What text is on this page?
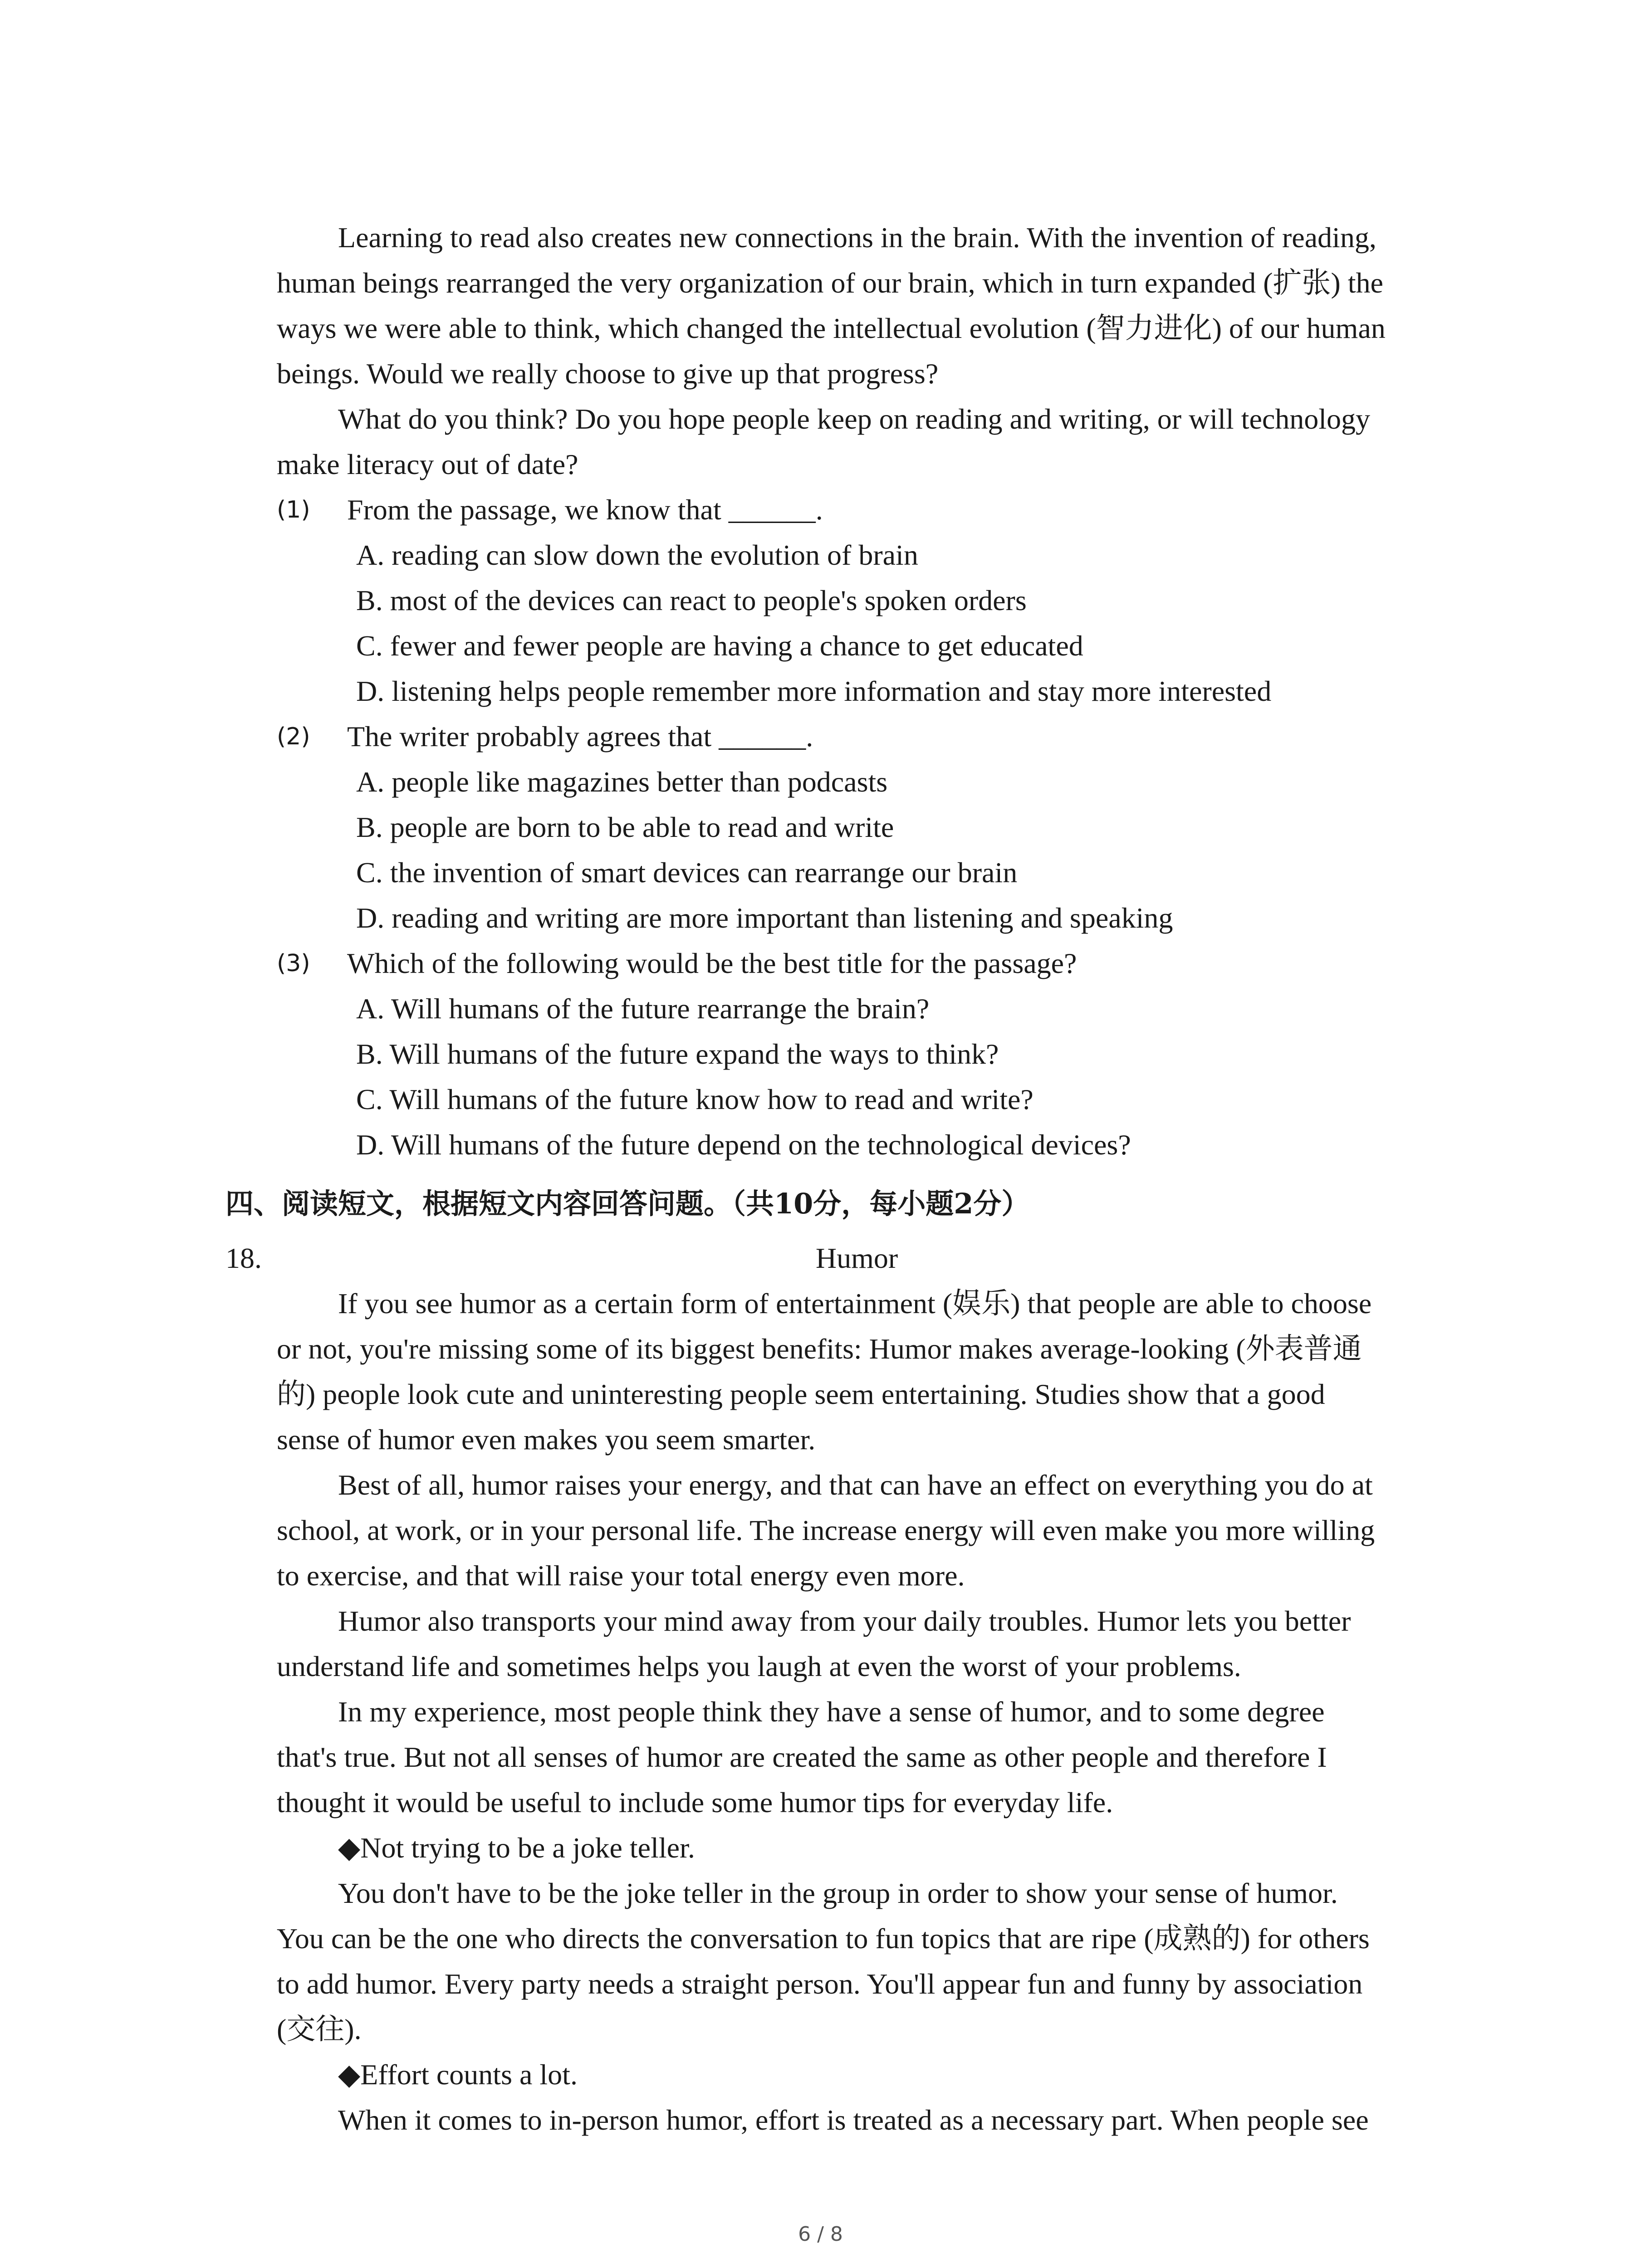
Learning to read also creates new connections in the brain. With the invention of reading,
human beings rearranged the very organization of our brain, which in turn expanded (扩张) the
ways we were able to think, which changed the intellectual evolution (智力进化) of our human
beings. Would we really choose to give up that progress?
What do you think? Do you hope people keep on reading and writing, or will technology
make literacy out of date?
(1) From the passage, we know that ______.
A. reading can slow down the evolution of brain
B. most of the devices can react to people's spoken orders
C. fewer and fewer people are having a chance to get educated
D. listening helps people remember more information and stay more interested
(2) The writer probably agrees that ______.
A. people like magazines better than podcasts
B. people are born to be able to read and write
C. the invention of smart devices can rearrange our brain
D. reading and writing are more important than listening and speaking
(3) Which of the following would be the best title for the passage?
A. Will humans of the future rearrange the brain?
B. Will humans of the future expand the ways to think?
C. Will humans of the future know how to read and write?
D. Will humans of the future depend on the technological devices?
四、阅读短文，根据短文内容回答问题。（共10分，每小题2分）
18.	Humor
If you see humor as a certain form of entertainment (娱乐) that people are able to choose
or not, you're missing some of its biggest benefits: Humor makes average-looking (外表普通
的) people look cute and uninteresting people seem entertaining. Studies show that a good
sense of humor even makes you seem smarter.
Best of all, humor raises your energy, and that can have an effect on everything you do at
school, at work, or in your personal life. The increase energy will even make you more willing
to exercise, and that will raise your total energy even more.
Humor also transports your mind away from your daily troubles. Humor lets you better
understand life and sometimes helps you laugh at even the worst of your problems.
In my experience, most people think they have a sense of humor, and to some degree
that's true. But not all senses of humor are created the same as other people and therefore I
thought it would be useful to include some humor tips for everyday life.
◆Not trying to be a joke teller.
You don't have to be the joke teller in the group in order to show your sense of humor.
You can be the one who directs the conversation to fun topics that are ripe (成熟的) for others
to add humor. Every party needs a straight person. You'll appear fun and funny by association
(交往).
◆Effort counts a lot.
When it comes to in-person humor, effort is treated as a necessary part. When people see
6 / 8
